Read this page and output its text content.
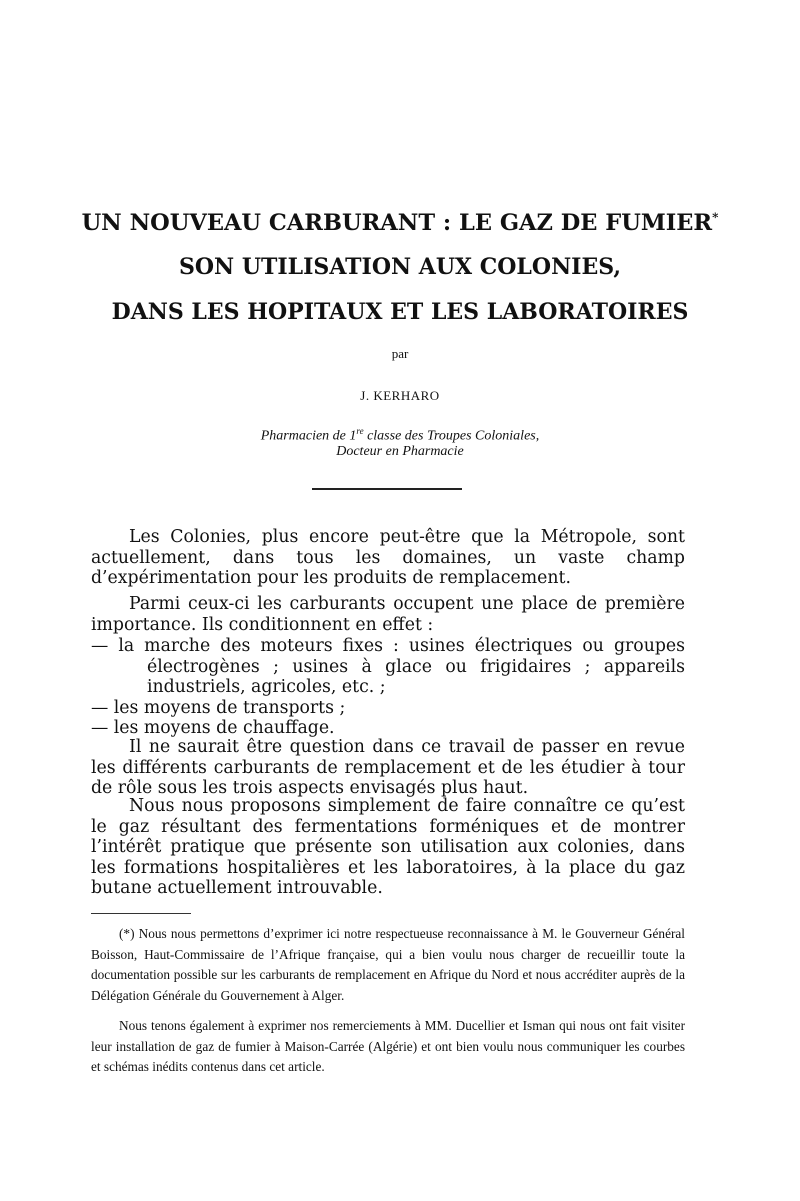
UN NOUVEAU CARBURANT : LE GAZ DE FUMIER*
SON UTILISATION AUX COLONIES,
DANS LES HOPITAUX ET LES LABORATOIRES
par
J. KERHARO
Pharmacien de 1re classe des Troupes Coloniales,
Docteur en Pharmacie

Les Colonies, plus encore peut-être que la Métropole, sont actuellement, dans tous les domaines, un vaste champ d’expérimentation pour les produits de remplacement.

Parmi ceux-ci les carburants occupent une place de première importance. Ils conditionnent en effet :

— la marche des moteurs fixes : usines électriques ou groupes électrogènes ; usines à glace ou frigidaires ; appareils industriels, agricoles, etc. ;
— les moyens de transports ;
— les moyens de chauffage.

Il ne saurait être question dans ce travail de passer en revue les différents carburants de remplacement et de les étudier à tour de rôle sous les trois aspects envisagés plus haut.

Nous nous proposons simplement de faire connaître ce qu’est le gaz résultant des fermentations forméniques et de montrer l’intérêt pratique que présente son utilisation aux colonies, dans les formations hospitalières et les laboratoires, à la place du gaz butane actuellement introuvable.

(*) Nous nous permettons d’exprimer ici notre respectueuse reconnaissance à M. le Gouverneur Général Boisson, Haut-Commissaire de l’Afrique française, qui a bien voulu nous charger de recueillir toute la documentation possible sur les carburants de remplacement en Afrique du Nord et nous accréditer auprès de la Délégation Générale du Gouvernement à Alger.

Nous tenons également à exprimer nos remerciements à MM. Ducellier et Isman qui nous ont fait visiter leur installation de gaz de fumier à Maison-Carrée (Algérie) et ont bien voulu nous communiquer les courbes et schémas inédits contenus dans cet article.
